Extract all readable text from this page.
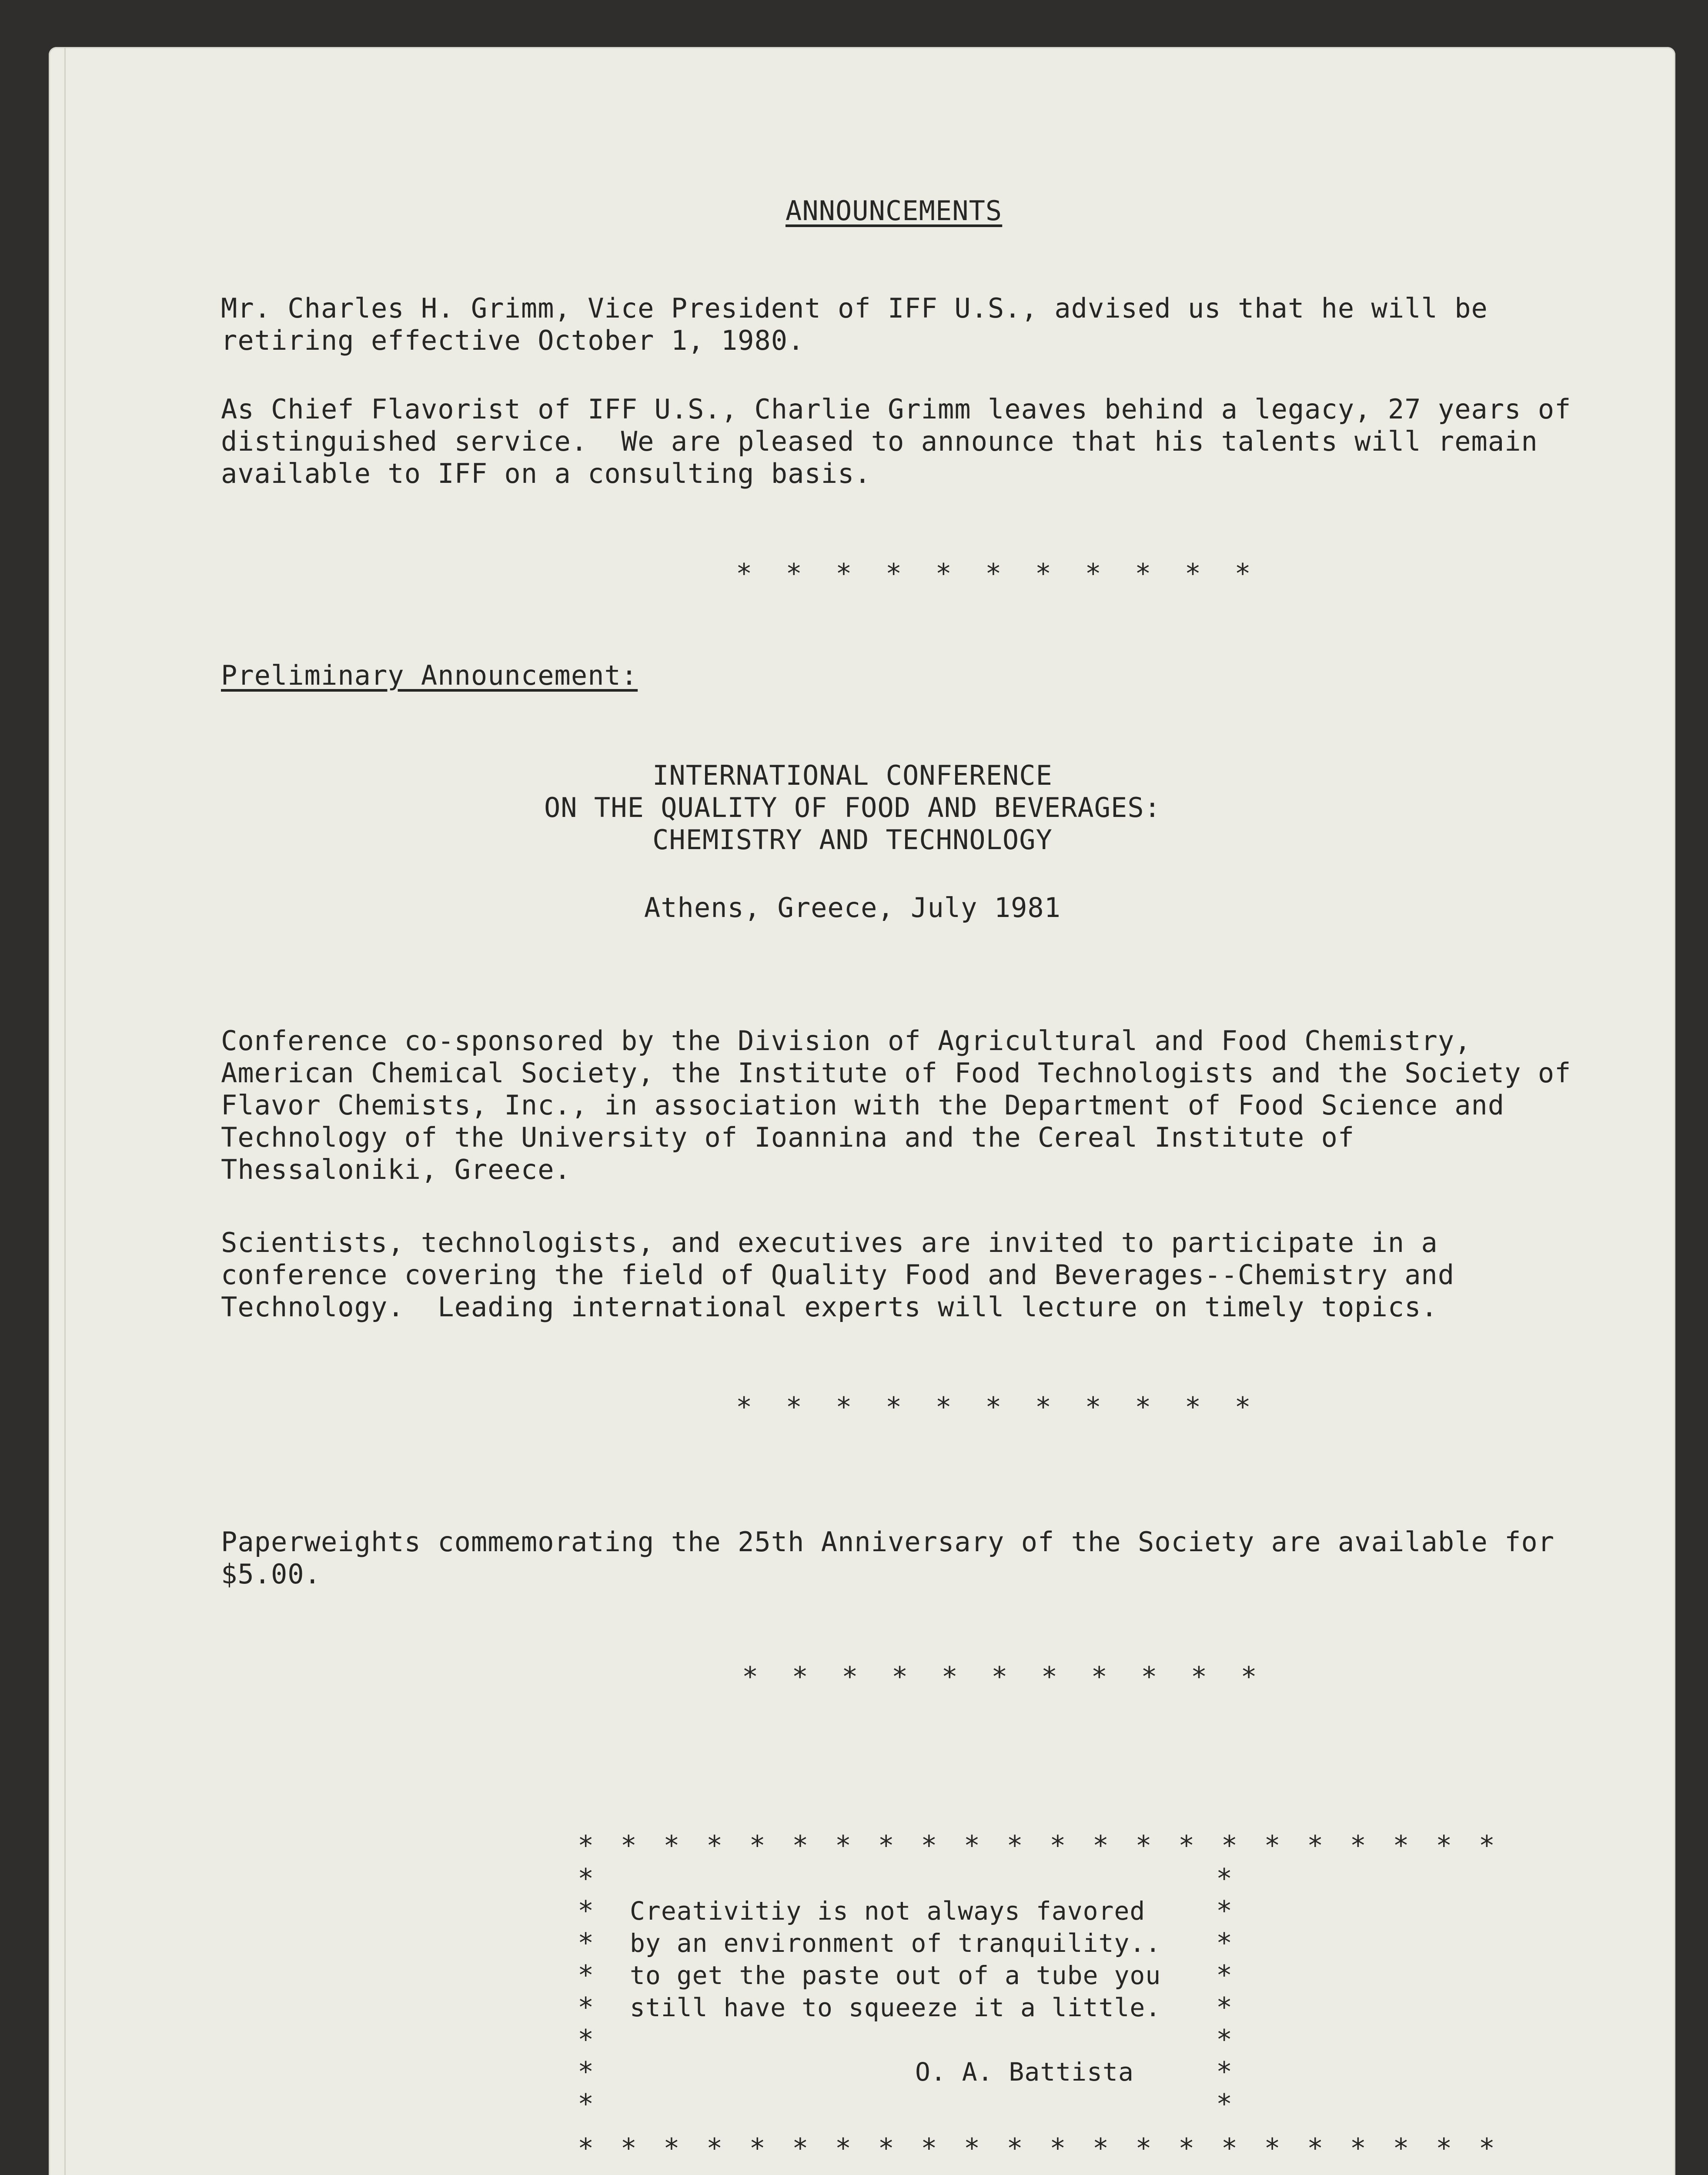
ANNOUNCEMENTS
Mr. Charles H. Grimm, Vice President of IFF U.S., advised us that he will be
retiring effective October 1, 1980.
As Chief Flavorist of IFF U.S., Charlie Grimm leaves behind a legacy, 27 years of
distinguished service.  We are pleased to announce that his talents will remain
available to IFF on a consulting basis.
* * * * * * * * * * *
Preliminary Announcement:
INTERNATIONAL CONFERENCE
ON THE QUALITY OF FOOD AND BEVERAGES:
CHEMISTRY AND TECHNOLOGY
Athens, Greece, July 1981
Conference co-sponsored by the Division of Agricultural and Food Chemistry,
American Chemical Society, the Institute of Food Technologists and the Society of
Flavor Chemists, Inc., in association with the Department of Food Science and
Technology of the University of Ioannina and the Cereal Institute of
Thessaloniki, Greece.
Scientists, technologists, and executives are invited to participate in a
conference covering the field of Quality Food and Beverages--Chemistry and
Technology.  Leading international experts will lecture on timely topics.
* * * * * * * * * * *
Paperweights commemorating the 25th Anniversary of the Society are available for
$5.00.
* * * * * * * * * * *
* * * * * * * * * * * * * * * * * * * * * *
*	*
* Creativitiy is not always favored	*
* by an environment of tranquility.. *
* to get the paste out of a tube you *
* still have to squeeze it a little. *
*	*
*	O. A. Battista	*
*	*
* * * * * * * * * * * * * * * * * * * * * *
